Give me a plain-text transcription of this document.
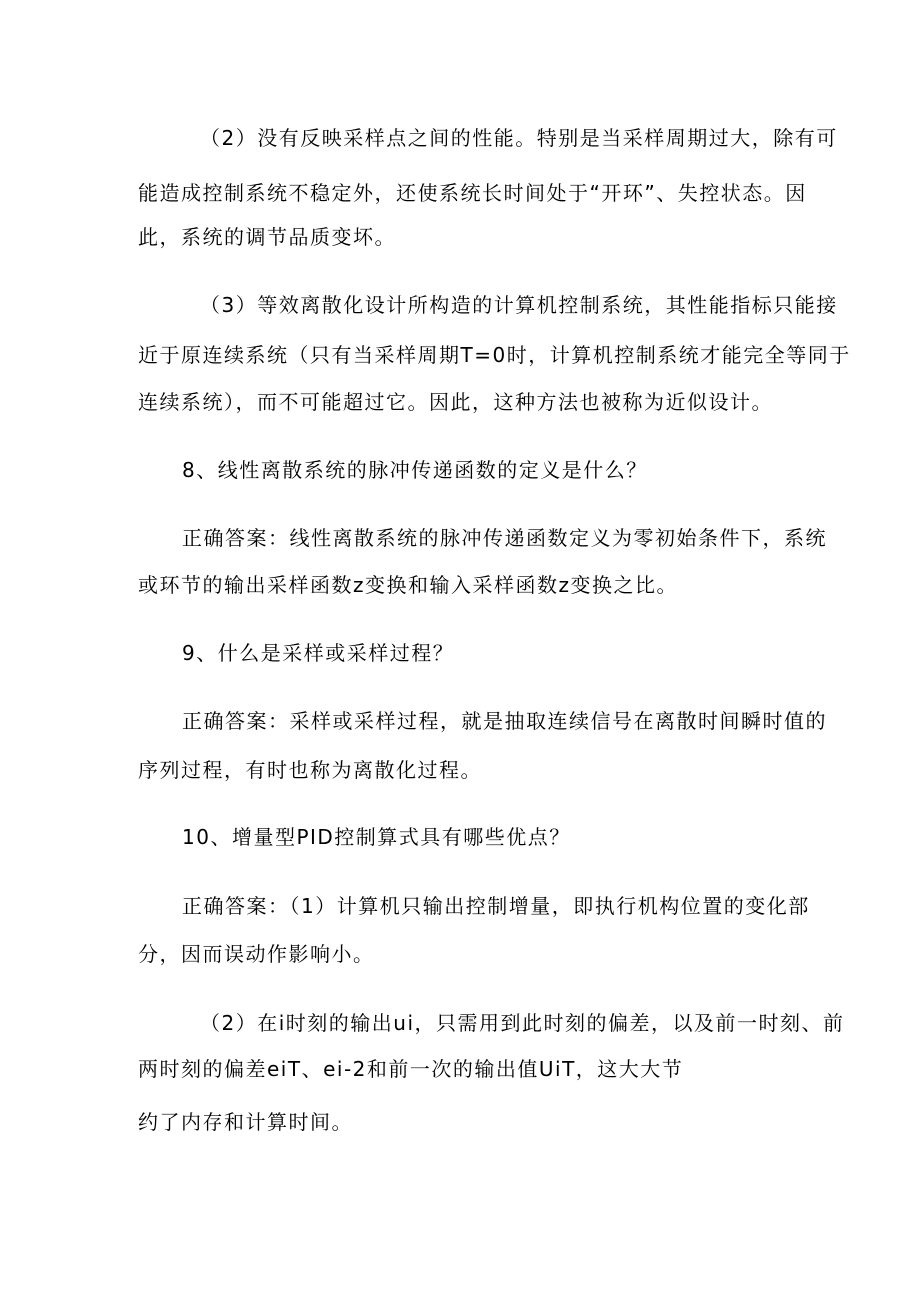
（2）没有反映采样点之间的性能。特别是当采样周期过大，除有可
能造成控制系统不稳定外，还使系统长时间处于“开环”、失控状态。因
此，系统的调节品质变坏。
（3）等效离散化设计所构造的计算机控制系统，其性能指标只能接
近于原连续系统（只有当采样周期T=0时，计算机控制系统才能完全等同于
连续系统），而不可能超过它。因此，这种方法也被称为近似设计。
8、线性离散系统的脉冲传递函数的定义是什么？
正确答案：线性离散系统的脉冲传递函数定义为零初始条件下，系统
或环节的输出采样函数z变换和输入采样函数z变换之比。
9、什么是采样或采样过程？
正确答案：采样或采样过程，就是抽取连续信号在离散时间瞬时值的
序列过程，有时也称为离散化过程。
10、增量型PID控制算式具有哪些优点？
正确答案：（1）计算机只输出控制增量，即执行机构位置的变化部
分，因而误动作影响小。
（2）在i时刻的输出ui，只需用到此时刻的偏差，以及前一时刻、前
两时刻的偏差eiT、ei-2和前一次的输出值UiT，这大大节
约了内存和计算时间。
